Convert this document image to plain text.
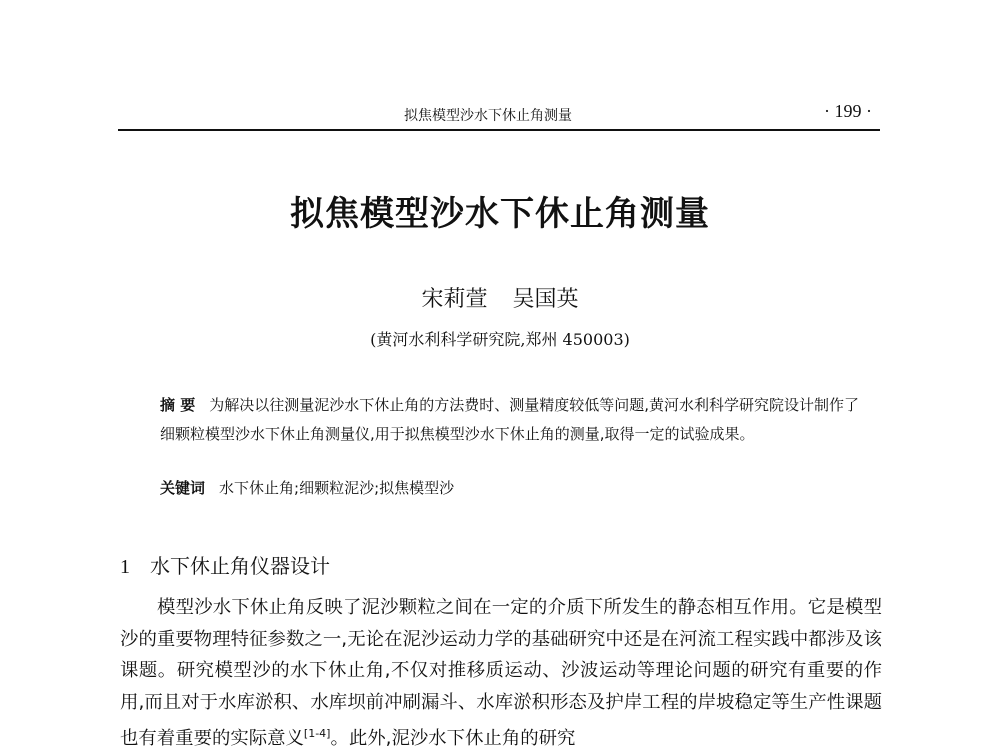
拟焦模型沙水下休止角测量	· 199 ·
拟焦模型沙水下休止角测量
宋莉萱 吴国英
(黄河水利科学研究院,郑州 450003)
摘 要 为解决以往测量泥沙水下休止角的方法费时、测量精度较低等问题,黄河水利科学研究院设计制作了细颗粒模型沙水下休止角测量仪,用于拟焦模型沙水下休止角的测量,取得一定的试验成果。
关键词 水下休止角;细颗粒泥沙;拟焦模型沙
1 水下休止角仪器设计
模型沙水下休止角反映了泥沙颗粒之间在一定的介质下所发生的静态相互作用。它是模型沙的重要物理特征参数之一,无论在泥沙运动力学的基础研究中还是在河流工程实践中都涉及该课题。研究模型沙的水下休止角,不仅对推移质运动、沙波运动等理论问题的研究有重要的作用,而且对于水库淤积、水库坝前冲刷漏斗、水库淤积形态及护岸工程的岸坡稳定等生产性课题也有着重要的实际意义[1-4]。此外,泥沙水下休止角的研究
